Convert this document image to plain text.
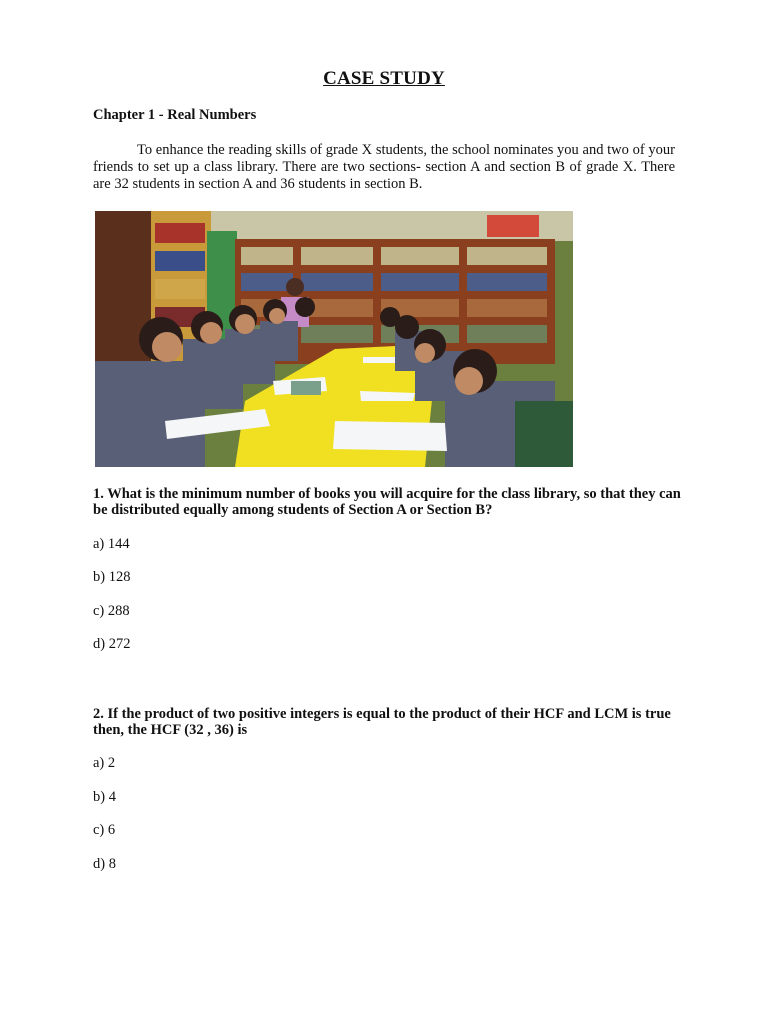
CASE STUDY
Chapter 1 - Real Numbers

To enhance the reading skills of grade X students, the school nominates you and two of your friends to set up a class library. There are two sections- section A and section B of grade X. There are 32 students in section A and 36 students in section B.

1. What is the minimum number of books you will acquire for the class library, so that they can be distributed equally among students of Section A or Section B?

a) 144
b) 128
c) 288
d) 272

2. If the product of two positive integers is equal to the product of their HCF and LCM is true then, the HCF (32 , 36) is

a) 2
b) 4
c) 6
d) 8
